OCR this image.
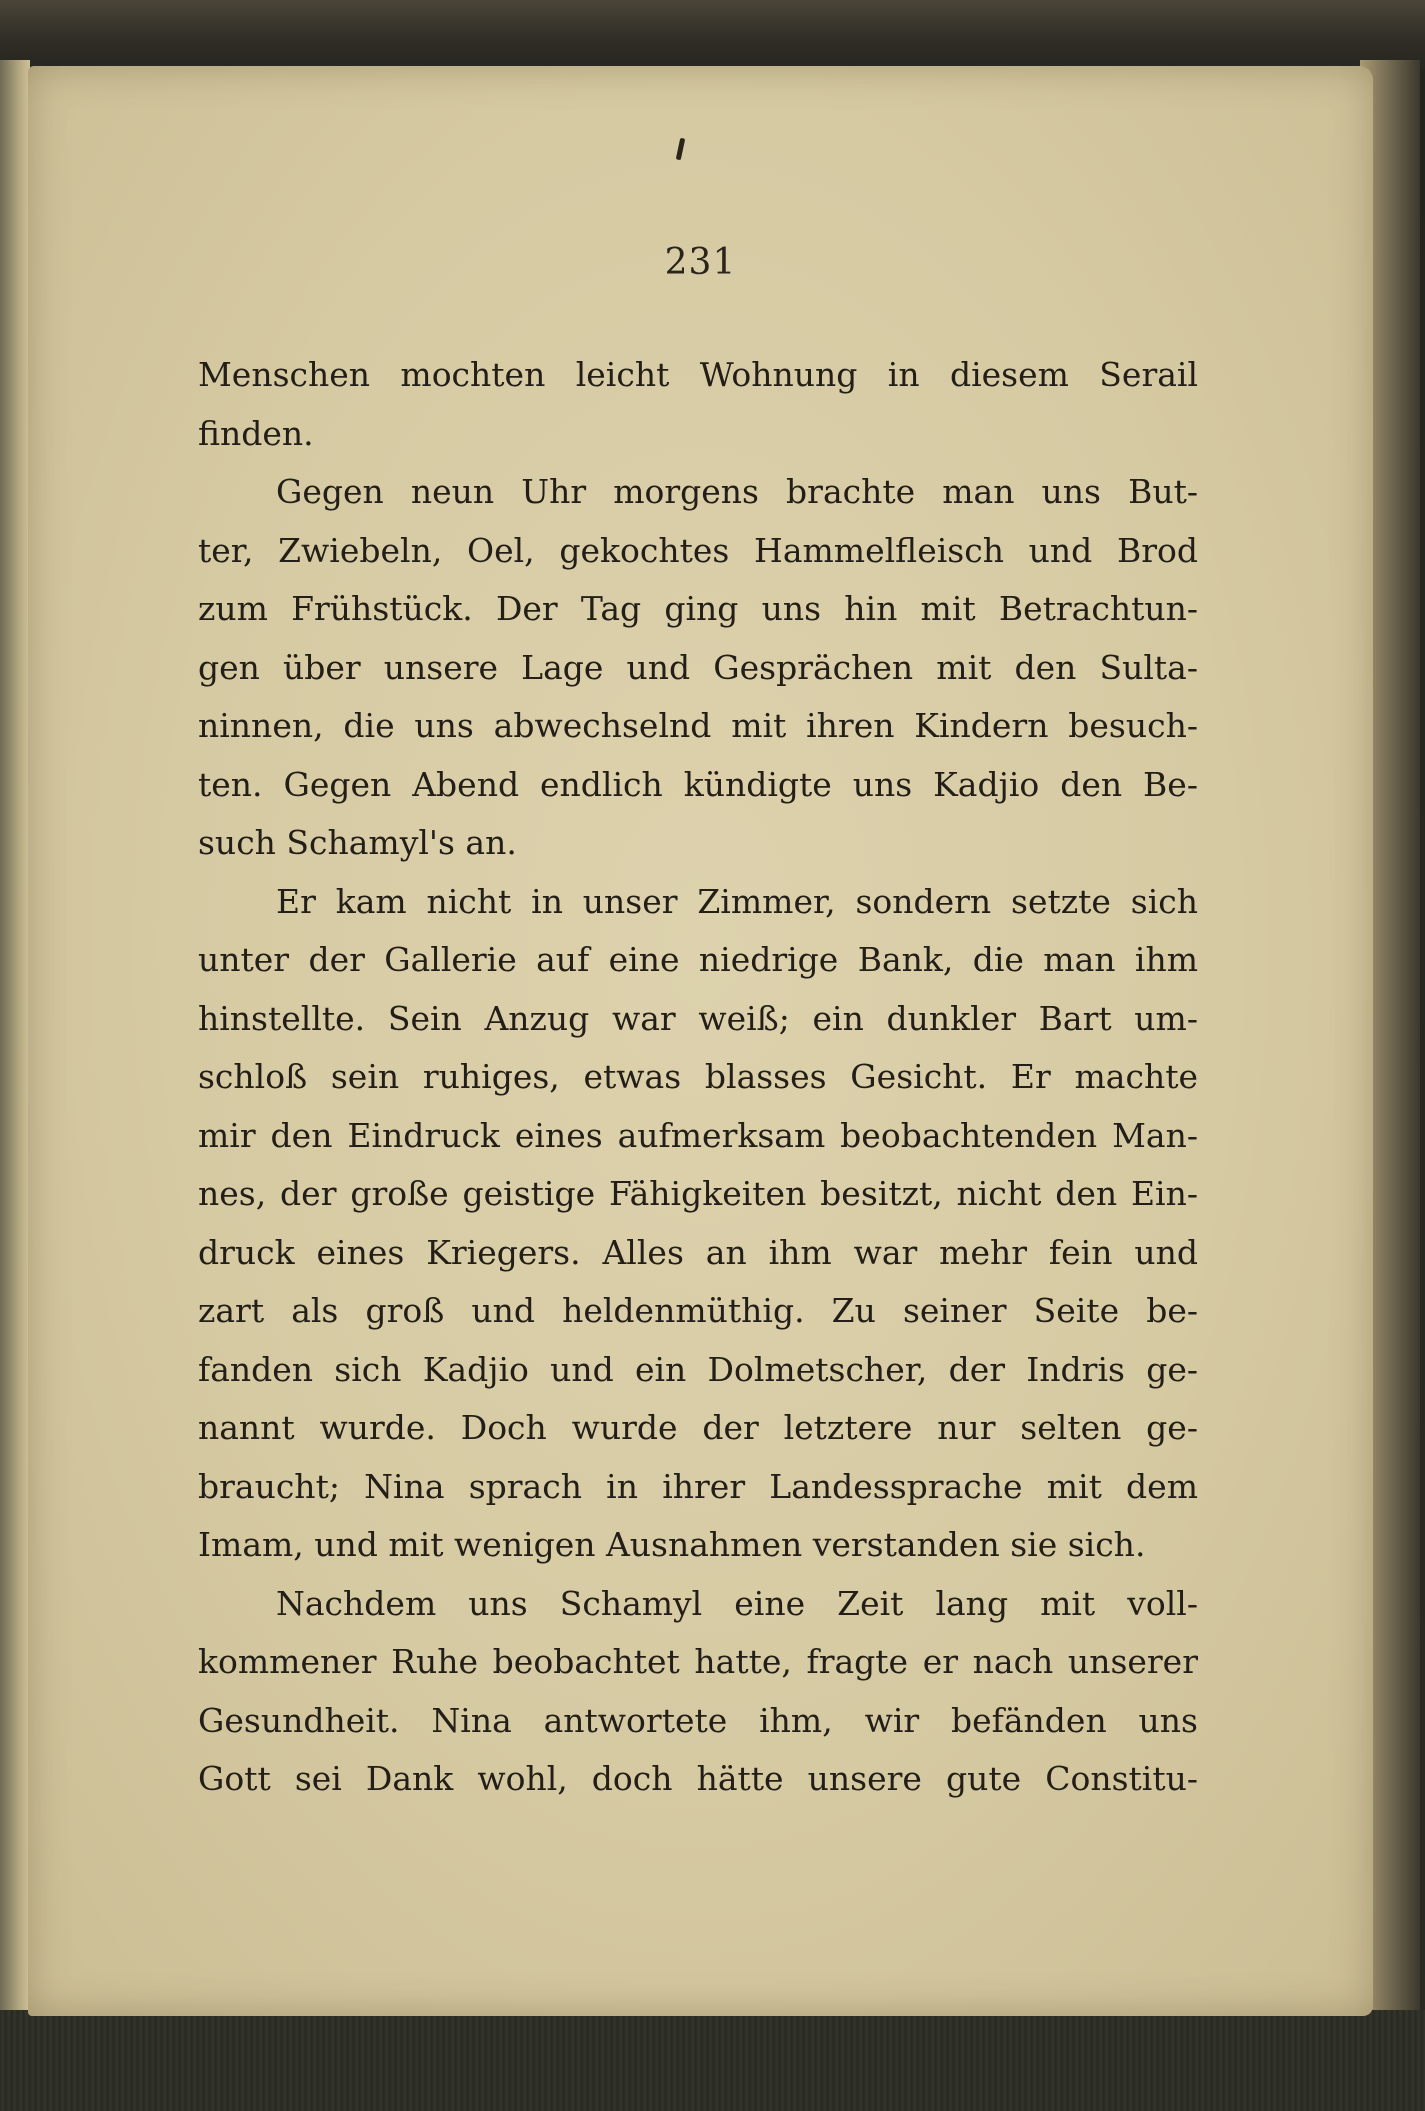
231
Menschen mochten leicht Wohnung in diesem Serail
finden.
Gegen neun Uhr morgens brachte man uns But-
ter, Zwiebeln, Oel, gekochtes Hammelfleisch und Brod
zum Frühstück. Der Tag ging uns hin mit Betrachtun-
gen über unsere Lage und Gesprächen mit den Sulta-
ninnen, die uns abwechselnd mit ihren Kindern besuch-
ten. Gegen Abend endlich kündigte uns Kadjio den Be-
such Schamyl's an.
Er kam nicht in unser Zimmer, sondern setzte sich
unter der Gallerie auf eine niedrige Bank, die man ihm
hinstellte. Sein Anzug war weiß; ein dunkler Bart um-
schloß sein ruhiges, etwas blasses Gesicht. Er machte
mir den Eindruck eines aufmerksam beobachtenden Man-
nes, der große geistige Fähigkeiten besitzt, nicht den Ein-
druck eines Kriegers. Alles an ihm war mehr fein und
zart als groß und heldenmüthig. Zu seiner Seite be-
fanden sich Kadjio und ein Dolmetscher, der Indris ge-
nannt wurde. Doch wurde der letztere nur selten ge-
braucht; Nina sprach in ihrer Landessprache mit dem
Imam, und mit wenigen Ausnahmen verstanden sie sich.
Nachdem uns Schamyl eine Zeit lang mit voll-
kommener Ruhe beobachtet hatte, fragte er nach unserer
Gesundheit. Nina antwortete ihm, wir befänden uns
Gott sei Dank wohl, doch hätte unsere gute Constitu-
